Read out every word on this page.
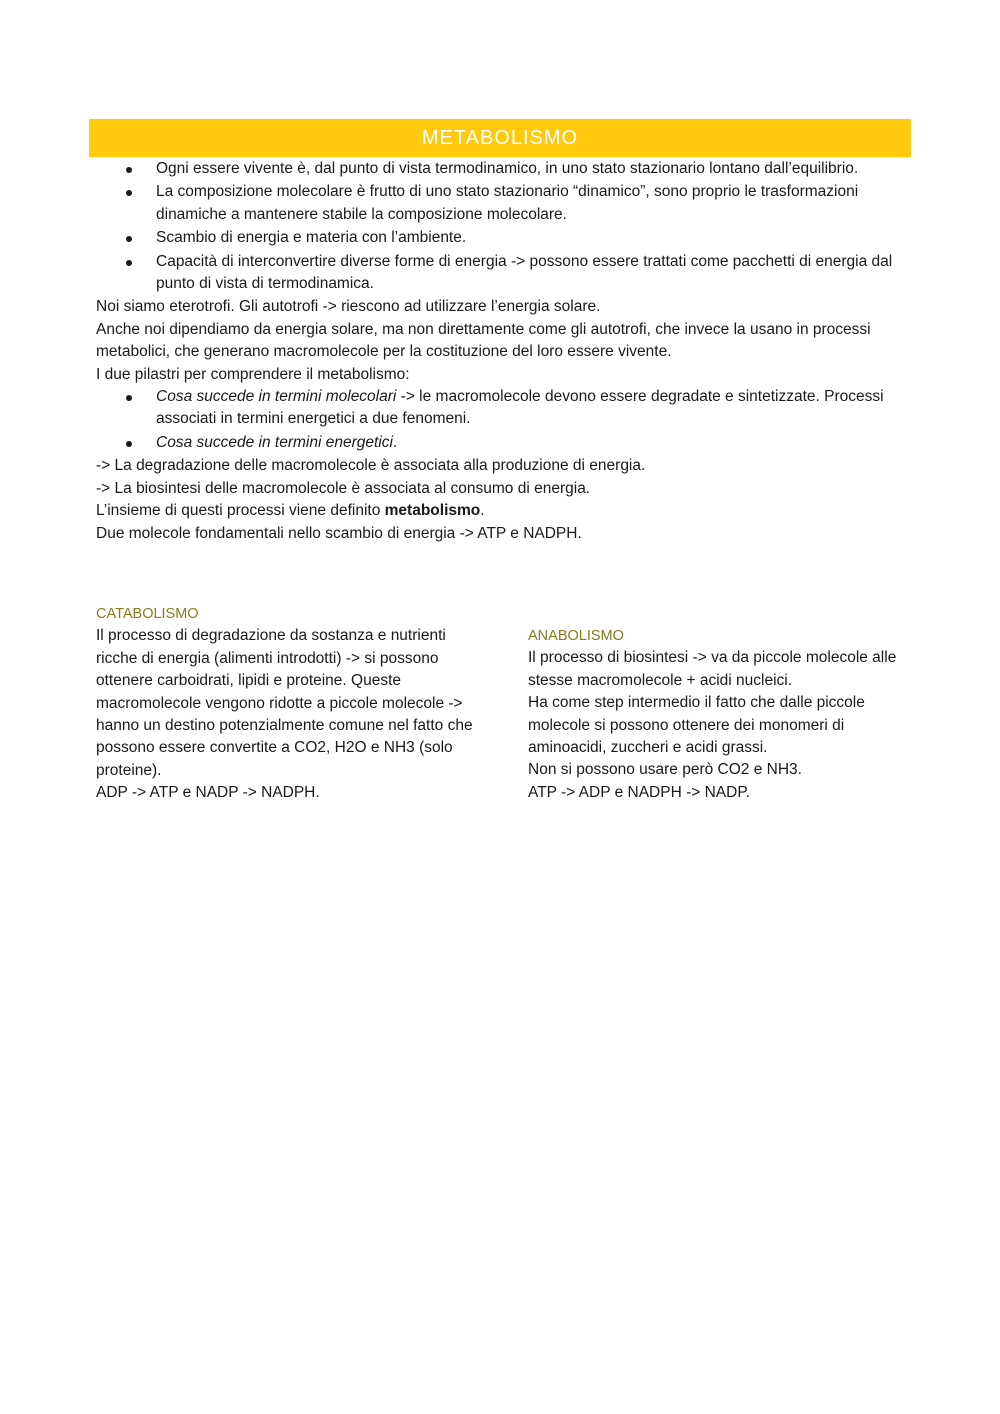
METABOLISMO
Ogni essere vivente è, dal punto di vista termodinamico, in uno stato stazionario lontano dall’equilibrio.
La composizione molecolare è frutto di uno stato stazionario “dinamico”, sono proprio le trasformazioni dinamiche a mantenere stabile la composizione molecolare.
Scambio di energia e materia con l’ambiente.
Capacità di interconvertire diverse forme di energia -> possono essere trattati come pacchetti di energia dal punto di vista di termodinamica.

Noi siamo eterotrofi. Gli autotrofi -> riescono ad utilizzare l’energia solare.

Anche noi dipendiamo da energia solare, ma non direttamente come gli autotrofi, che invece la usano in processi metabolici, che generano macromolecole per la costituzione del loro essere vivente.

I due pilastri per comprendere il metabolismo:

Cosa succede in termini molecolari -> le macromolecole devono essere degradate e sintetizzate. Processi associati in termini energetici a due fenomeni.
Cosa succede in termini energetici.

-> La degradazione delle macromolecole è associata alla produzione di energia.

-> La biosintesi delle macromolecole è associata al consumo di energia.

L’insieme di questi processi viene definito metabolismo.

Due molecole fondamentali nello scambio di energia -> ATP e NADPH.

CATABOLISMO

Il processo di degradazione da sostanza e nutrienti ricche di energia (alimenti introdotti) -> si possono ottenere carboidrati, lipidi e proteine. Queste macromolecole vengono ridotte a piccole molecole -> hanno un destino potenzialmente comune nel fatto che possono essere convertite a CO2, H2O e NH3 (solo proteine).

ADP -> ATP e NADP -> NADPH.

ANABOLISMO

Il processo di biosintesi -> va da piccole molecole alle stesse macromolecole + acidi nucleici.

Ha come step intermedio il fatto che dalle piccole molecole si possono ottenere dei monomeri di aminoacidi, zuccheri e acidi grassi.

Non si possono usare però CO2 e NH3.

ATP -> ADP e NADPH -> NADP.
